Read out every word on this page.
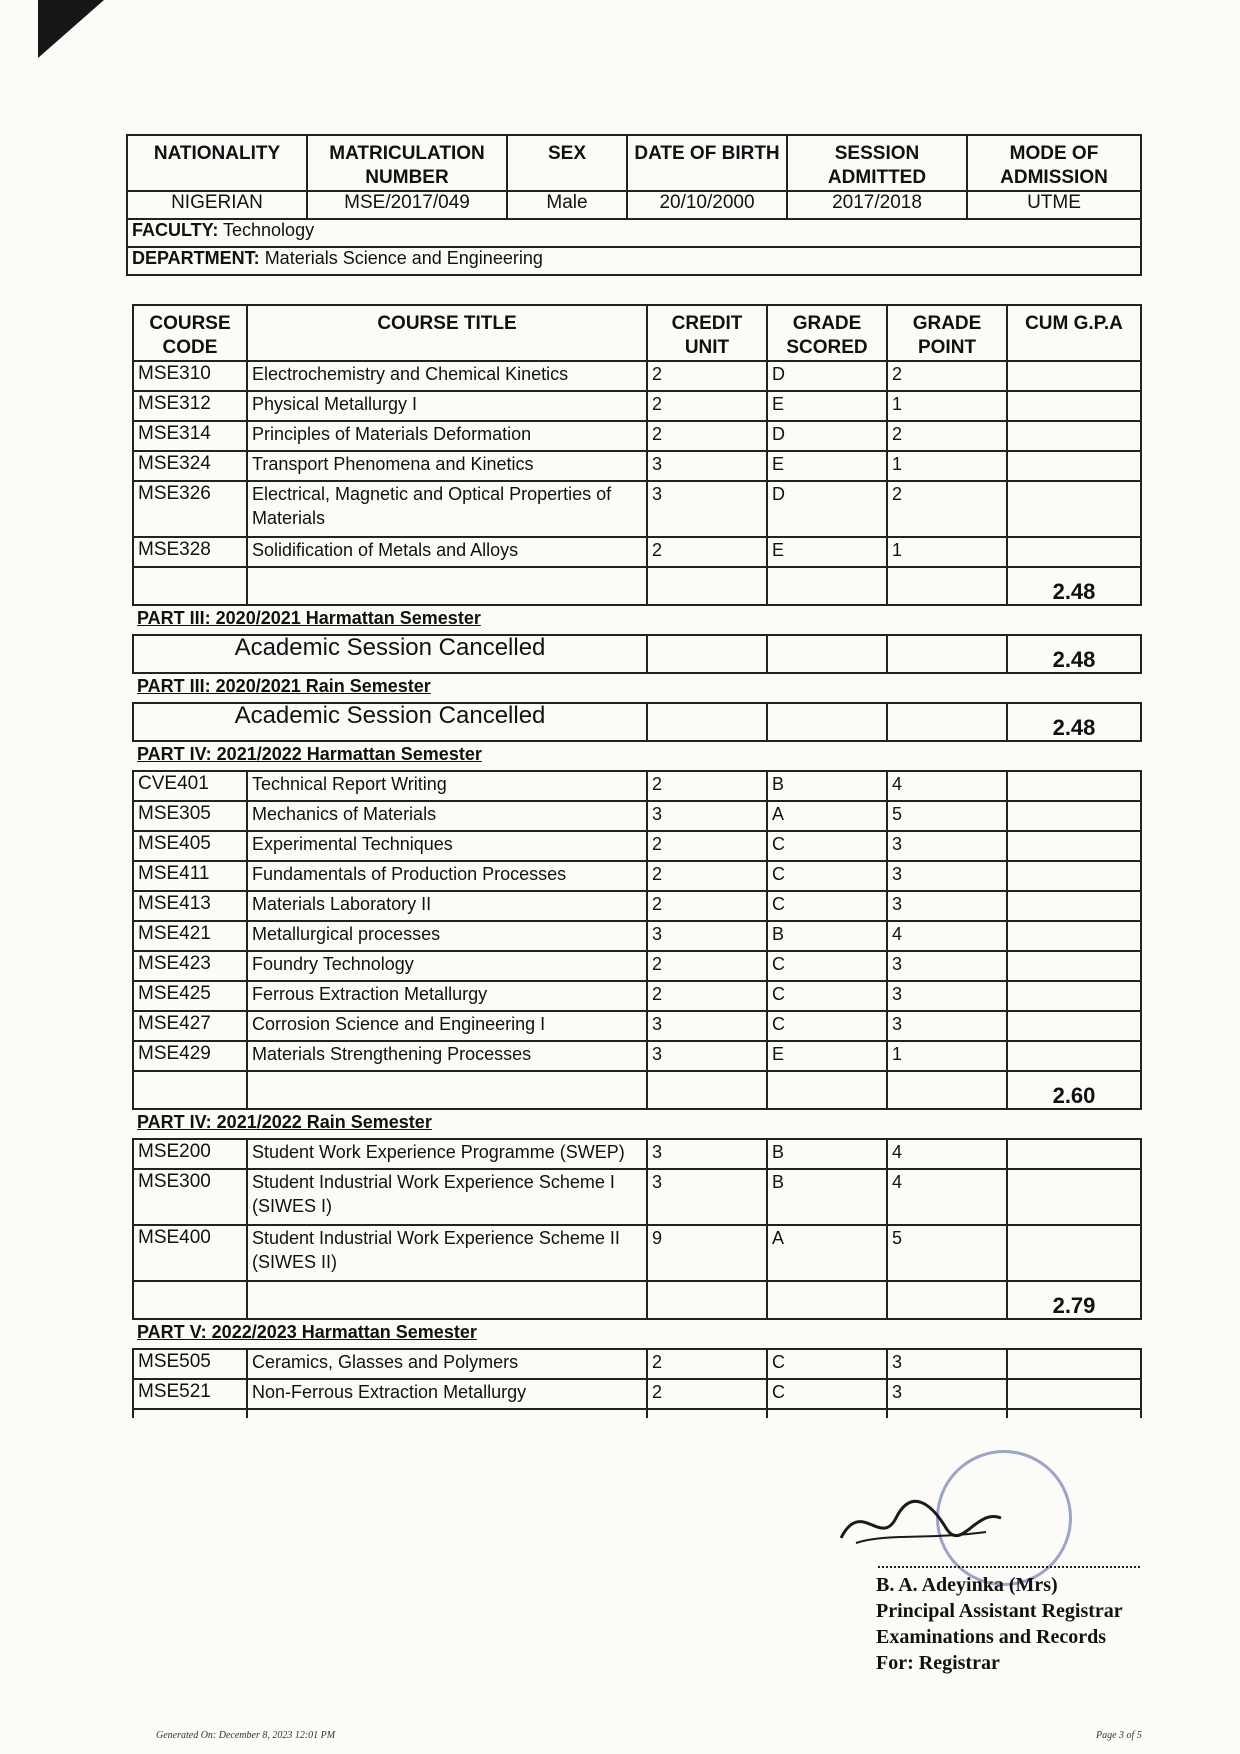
NATIONALITY	MATRICULATION NUMBER	SEX	DATE OF BIRTH	SESSION ADMITTED	MODE OF ADMISSION
NIGERIAN	MSE/2017/049	Male	20/10/2000	2017/2018	UTME
FACULTY: Technology					
DEPARTMENT: Materials Science and Engineering					
COURSE CODE	COURSE TITLE	CREDIT UNIT	GRADE SCORED	GRADE POINT	CUM G.P.A
MSE310	Electrochemistry and Chemical Kinetics	2	D	2	
MSE312	Physical Metallurgy I	2	E	1	
MSE314	Principles of Materials Deformation	2	D	2	
MSE324	Transport Phenomena and Kinetics	3	E	1	
MSE326	Electrical, Magnetic and Optical Properties of Materials	3	D	2	
MSE328	Solidification of Metals and Alloys	2	E	1	
					2.48
PART III: 2020/2021 Harmattan Semester					
Academic Session Cancelled					2.48
PART III: 2020/2021 Rain Semester					
Academic Session Cancelled					2.48
PART IV: 2021/2022 Harmattan Semester					
CVE401	Technical Report Writing	2	B	4	
MSE305	Mechanics of Materials	3	A	5	
MSE405	Experimental Techniques	2	C	3	
MSE411	Fundamentals of Production Processes	2	C	3	
MSE413	Materials Laboratory II	2	C	3	
MSE421	Metallurgical processes	3	B	4	
MSE423	Foundry Technology	2	C	3	
MSE425	Ferrous Extraction Metallurgy	2	C	3	
MSE427	Corrosion Science and Engineering I	3	C	3	
MSE429	Materials Strengthening Processes	3	E	1	
					2.60
PART IV: 2021/2022 Rain Semester					
MSE200	Student Work Experience Programme (SWEP)	3	B	4	
MSE300	Student Industrial Work Experience Scheme I (SIWES I)	3	B	4	
MSE400	Student Industrial Work Experience Scheme II (SIWES II)	9	A	5	
					2.79
PART V: 2022/2023 Harmattan Semester					
MSE505	Ceramics, Glasses and Polymers	2	C	3	
MSE521	Non-Ferrous Extraction Metallurgy	2	C	3	

B. A. Adeyinka (Mrs)
Principal Assistant Registrar
Examinations and Records
For: Registrar
Generated On: December 8, 2023 12:01 PM	Page 3 of 5
